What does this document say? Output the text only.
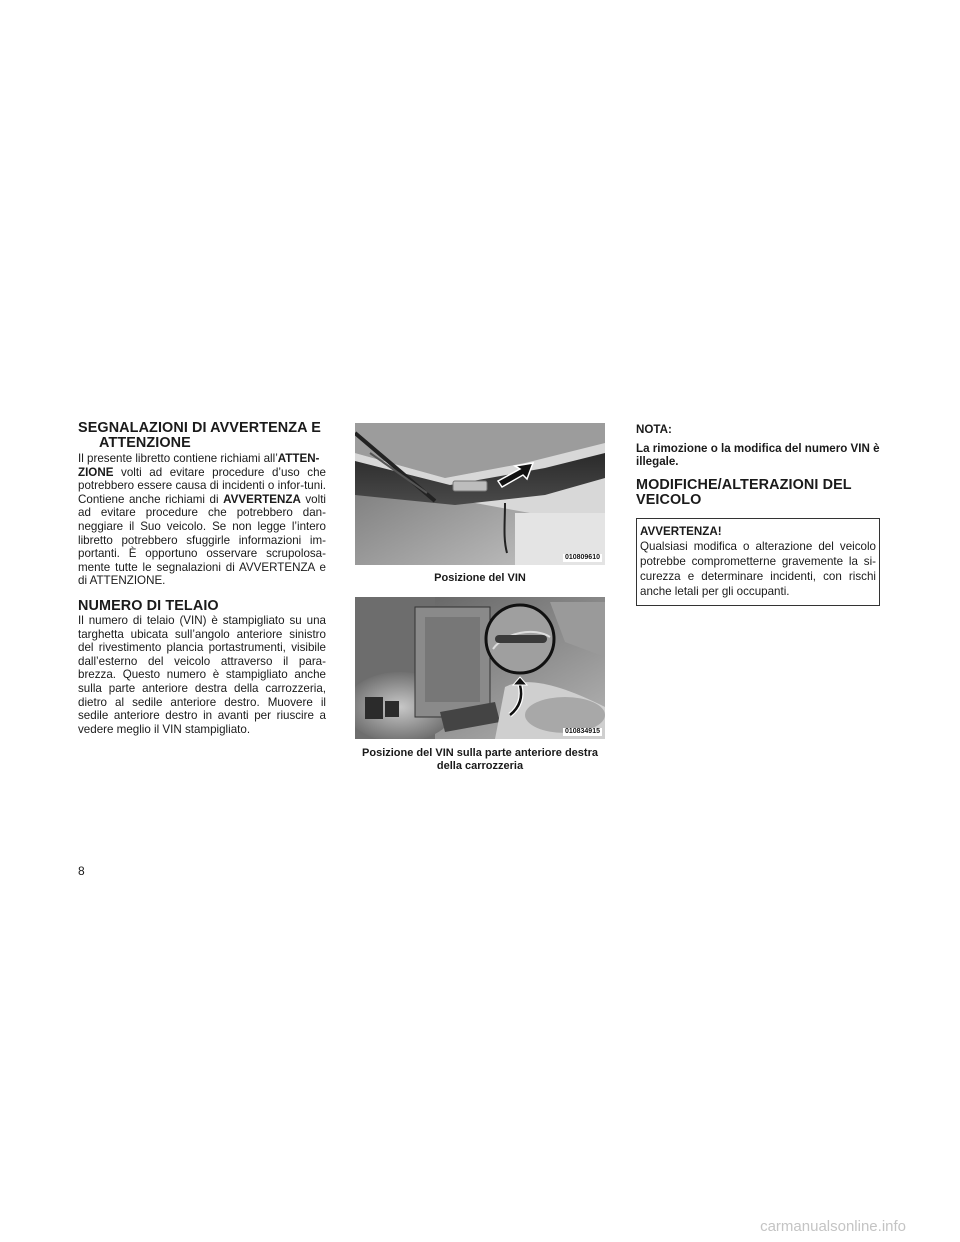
SEGNALAZIONI DI AVVERTENZA E
ATTENZIONE

Il presente libretto contiene richiami all’ATTEN-
ZIONE volti ad evitare procedure d’uso che potrebbero essere causa di incidenti o infor-tuni. Contiene anche richiami di AVVERTENZA volti ad evitare procedure che potrebbero dan-neggiare il Suo veicolo. Se non legge l’intero libretto potrebbero sfuggirle informazioni im-portanti. È opportuno osservare scrupolosa-mente tutte le segnalazioni di AVVERTENZA e di ATTENZIONE.

NUMERO DI TELAIO

Il numero di telaio (VIN) è stampigliato su una targhetta ubicata sull’angolo anteriore sinistro del rivestimento plancia portastrumenti, visibile dall’esterno del veicolo attraverso il para-brezza. Questo numero è stampigliato anche sulla parte anteriore destra della carrozzeria, dietro al sedile anteriore destro. Muovere il sedile anteriore destro in avanti per riuscire a vedere meglio il VIN stampigliato.

010809610
Posizione del VIN
010834915
Posizione del VIN sulla parte anteriore destra
della carrozzeria

NOTA:

La rimozione o la modifica del numero VIN è illegale.

MODIFICHE/ALTERAZIONI DEL
VEICOLO

AVVERTENZA!

Qualsiasi modifica o alterazione del veicolo potrebbe comprometterne gravemente la si-curezza e determinare incidenti, con rischi anche letali per gli occupanti.

8
carmanualsonline.info
